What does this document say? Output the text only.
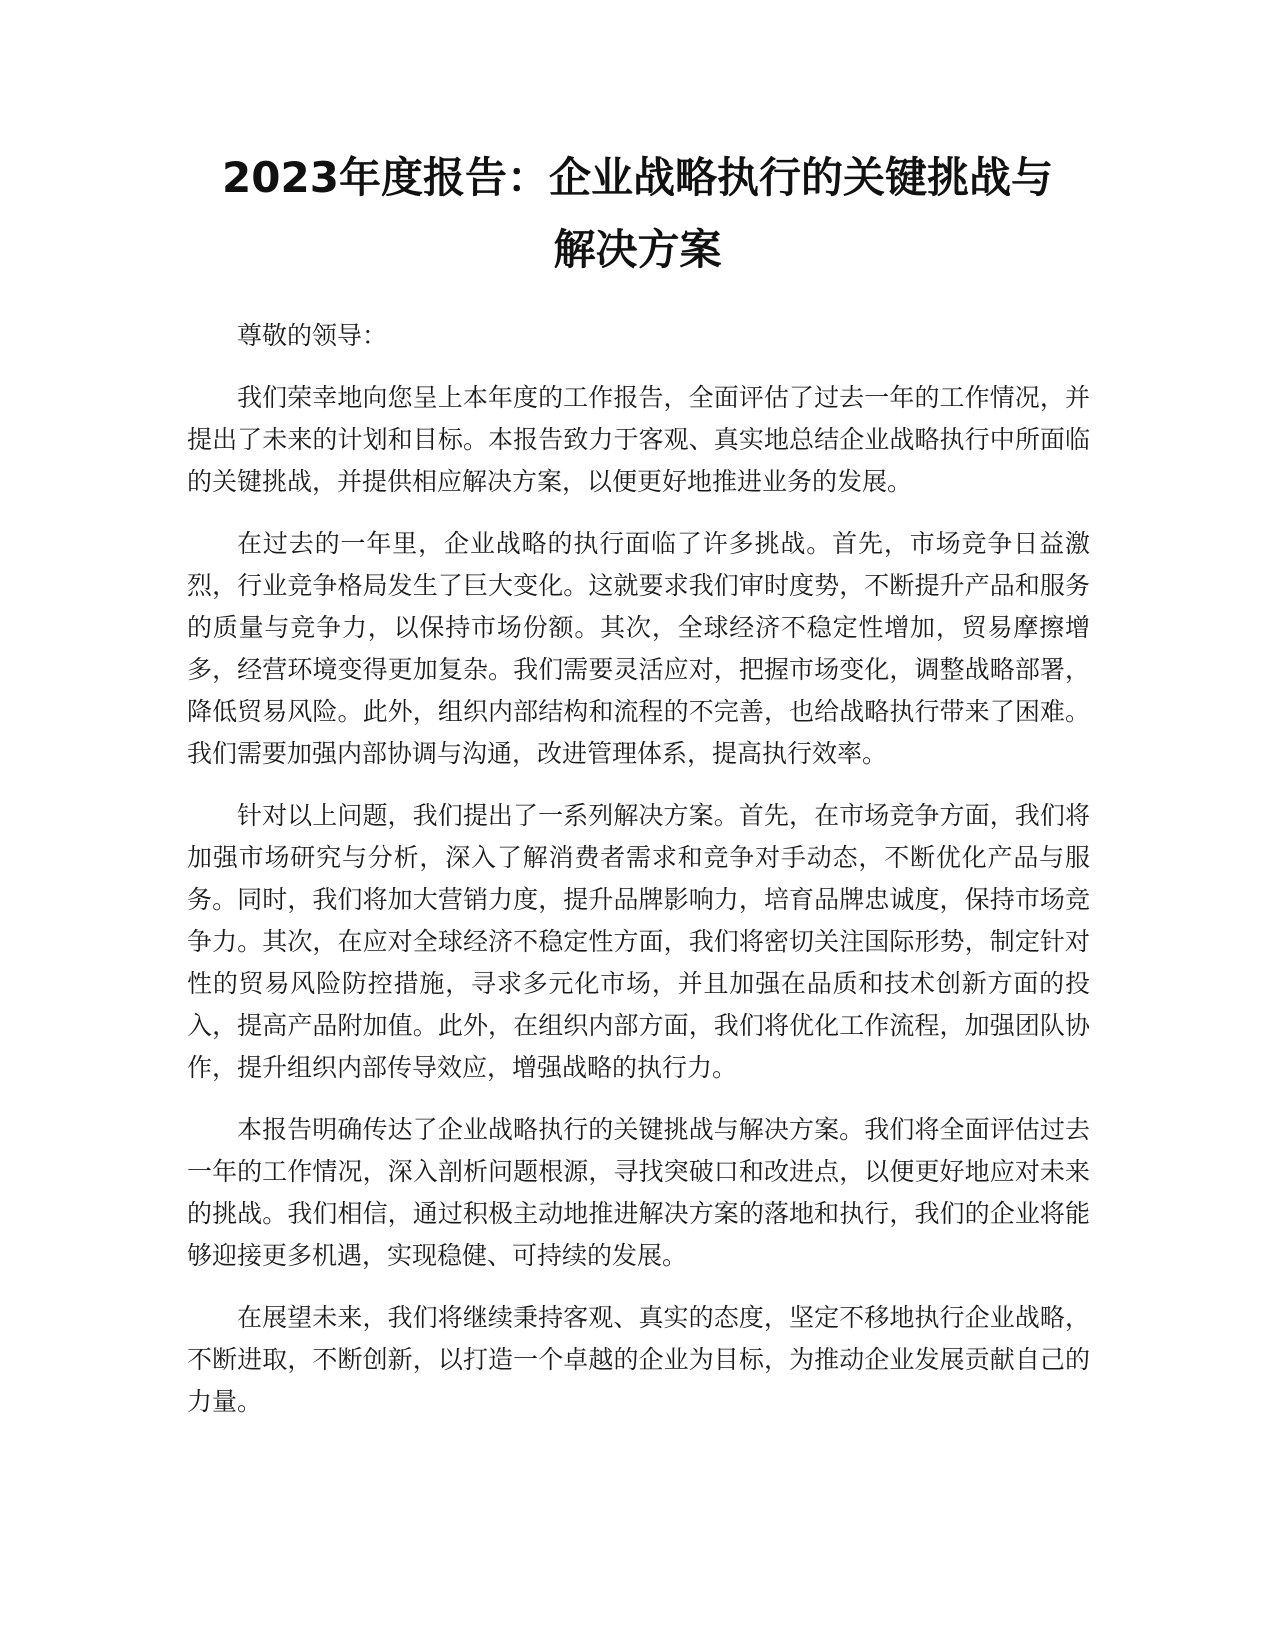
2023年度报告：企业战略执行的关键挑战与
解决方案

尊敬的领导：

我们荣幸地向您呈上本年度的工作报告，全面评估了过去一年的工作情况，并提出了未来的计划和目标。本报告致力于客观、真实地总结企业战略执行中所面临的关键挑战，并提供相应解决方案，以便更好地推进业务的发展。

在过去的一年里，企业战略的执行面临了许多挑战。首先，市场竞争日益激烈，行业竞争格局发生了巨大变化。这就要求我们审时度势，不断提升产品和服务的质量与竞争力，以保持市场份额。其次，全球经济不稳定性增加，贸易摩擦增多，经营环境变得更加复杂。我们需要灵活应对，把握市场变化，调整战略部署，降低贸易风险。此外，组织内部结构和流程的不完善，也给战略执行带来了困难。我们需要加强内部协调与沟通，改进管理体系，提高执行效率。

针对以上问题，我们提出了一系列解决方案。首先，在市场竞争方面，我们将加强市场研究与分析，深入了解消费者需求和竞争对手动态，不断优化产品与服务。同时，我们将加大营销力度，提升品牌影响力，培育品牌忠诚度，保持市场竞争力。其次，在应对全球经济不稳定性方面，我们将密切关注国际形势，制定针对性的贸易风险防控措施，寻求多元化市场，并且加强在品质和技术创新方面的投入，提高产品附加值。此外，在组织内部方面，我们将优化工作流程，加强团队协作，提升组织内部传导效应，增强战略的执行力。

本报告明确传达了企业战略执行的关键挑战与解决方案。我们将全面评估过去一年的工作情况，深入剖析问题根源，寻找突破口和改进点，以便更好地应对未来的挑战。我们相信，通过积极主动地推进解决方案的落地和执行，我们的企业将能够迎接更多机遇，实现稳健、可持续的发展。

在展望未来，我们将继续秉持客观、真实的态度，坚定不移地执行企业战略，不断进取，不断创新，以打造一个卓越的企业为目标，为推动企业发展贡献自己的力量。
